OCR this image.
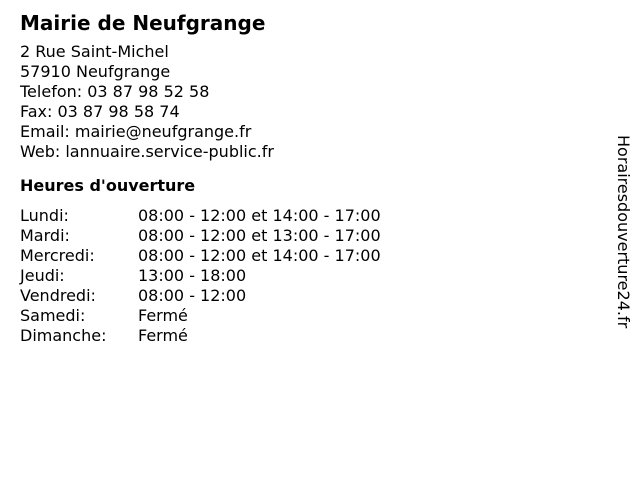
Mairie de Neufgrange
2 Rue Saint-Michel
57910 Neufgrange
Telefon: 03 87 98 52 58
Fax: 03 87 98 58 74
Email: mairie@neufgrange.fr
Web: lannuaire.service-public.fr
Heures d'ouverture
Lundi:	08:00 - 12:00 et 14:00 - 17:00
Mardi:	08:00 - 12:00 et 13:00 - 17:00
Mercredi:	08:00 - 12:00 et 14:00 - 17:00
Jeudi:	13:00 - 18:00
Vendredi:	08:00 - 12:00
Samedi:	Fermé
Dimanche:	Fermé
Horairesdouverture24.fr
